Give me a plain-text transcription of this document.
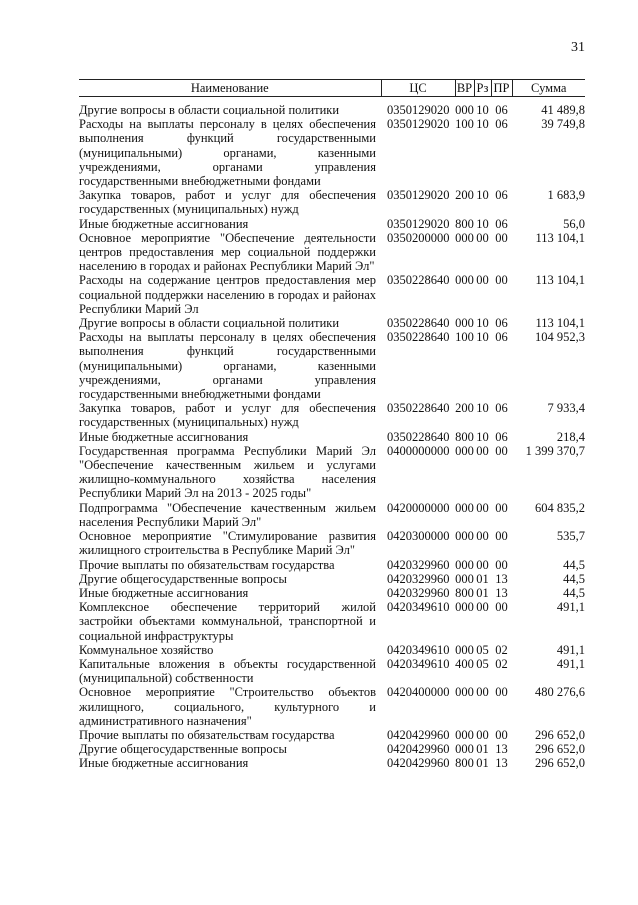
31
Наименование	ЦС	ВР	Рз	ПР	Сумма

Другие вопросы в области социальной политики	0350129020	000	10	06	41 489,8
Расходы на выплаты персоналу в целях обеспечения выполнения функций государственными (муниципальными) органами, казенными учреждениями, органами управления государственными внебюджетными фондами	0350129020	100	10	06	39 749,8
Закупка товаров, работ и услуг для обеспечения государственных (муниципальных) нужд	0350129020	200	10	06	1 683,9
Иные бюджетные ассигнования	0350129020	800	10	06	56,0
Основное мероприятие "Обеспечение деятельности центров предоставления мер социальной поддержки населению в городах и районах Республики Марий Эл"	0350200000	000	00	00	113 104,1
Расходы на содержание центров предоставления мер социальной поддержки населению в городах и районах Республики Марий Эл	0350228640	000	00	00	113 104,1
Другие вопросы в области социальной политики	0350228640	000	10	06	113 104,1
Расходы на выплаты персоналу в целях обеспечения выполнения функций государственными (муниципальными) органами, казенными учреждениями, органами управления государственными внебюджетными фондами	0350228640	100	10	06	104 952,3
Закупка товаров, работ и услуг для обеспечения государственных (муниципальных) нужд	0350228640	200	10	06	7 933,4
Иные бюджетные ассигнования	0350228640	800	10	06	218,4
Государственная программа Республики Марий Эл "Обеспечение качественным жильем и услугами жилищно-коммунального хозяйства населения Республики Марий Эл на 2013 - 2025 годы"	0400000000	000	00	00	1 399 370,7
Подпрограмма "Обеспечение качественным жильем населения Республики Марий Эл"	0420000000	000	00	00	604 835,2
Основное мероприятие "Стимулирование развития жилищного строительства в Республике Марий Эл"	0420300000	000	00	00	535,7
Прочие выплаты по обязательствам государства	0420329960	000	00	00	44,5
Другие общегосударственные вопросы	0420329960	000	01	13	44,5
Иные бюджетные ассигнования	0420329960	800	01	13	44,5
Комплексное обеспечение территорий жилой застройки объектами коммунальной, транспортной и социальной инфраструктуры	0420349610	000	00	00	491,1
Коммунальное хозяйство	0420349610	000	05	02	491,1
Капитальные вложения в объекты государственной (муниципальной) собственности	0420349610	400	05	02	491,1
Основное мероприятие "Строительство объектов жилищного, социального, культурного и административного назначения"	0420400000	000	00	00	480 276,6
Прочие выплаты по обязательствам государства	0420429960	000	00	00	296 652,0
Другие общегосударственные вопросы	0420429960	000	01	13	296 652,0
Иные бюджетные ассигнования	0420429960	800	01	13	296 652,0
